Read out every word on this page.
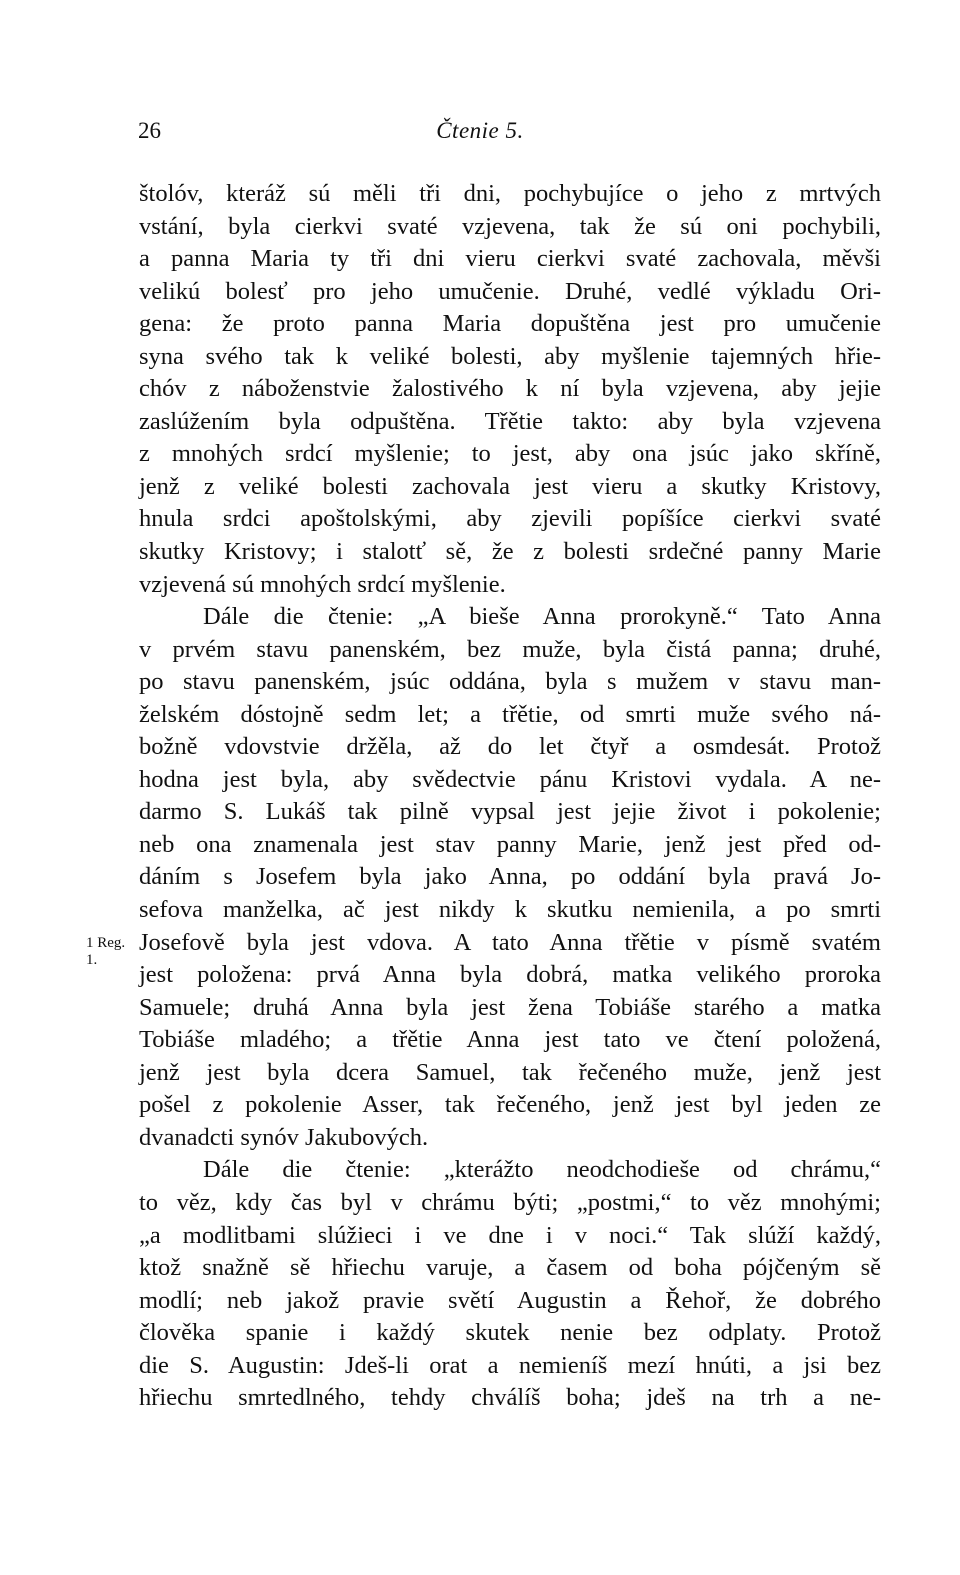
26	Čtenie 5.
1 Reg. 1.
štolóv, kteráž sú měli tři dni, pochybujíce o jeho z mrtvých
vstání, byla cierkvi svaté vzjevena, tak že sú oni pochybili,
a panna Maria ty tři dni vieru cierkvi svaté zachovala, měvši
velikú bolesť pro jeho umučenie. Druhé, vedlé výkladu Ori-
gena: že proto panna Maria dopuštěna jest pro umučenie
syna svého tak k veliké bolesti, aby myšlenie tajemných hřie-
chóv z náboženstvie žalostivého k ní byla vzjevena, aby jejie
zaslúžením byla odpuštěna. Třětie takto: aby byla vzjevena
z mnohých srdcí myšlenie; to jest, aby ona jsúc jako skříně,
jenž z veliké bolesti zachovala jest vieru a skutky Kristovy,
hnula srdci apoštolskými, aby zjevili popíšíce cierkvi svaté
skutky Kristovy; i stalotť sě, že z bolesti srdečné panny Marie
vzjevená sú mnohých srdcí myšlenie.
Dále die čtenie: „A bieše Anna prorokyně.“ Tato Anna
v prvém stavu panenském, bez muže, byla čistá panna; druhé,
po stavu panenském, jsúc oddána, byla s mužem v stavu man-
želském dóstojně sedm let; a třětie, od smrti muže svého ná-
božně vdovstvie držěla, až do let čtyř a osmdesát. Protož
hodna jest byla, aby svědectvie pánu Kristovi vydala. A ne-
darmo S. Lukáš tak pilně vypsal jest jejie život i pokolenie;
neb ona znamenala jest stav panny Marie, jenž jest před od-
dáním s Josefem byla jako Anna, po oddání byla pravá Jo-
sefova manželka, ač jest nikdy k skutku nemienila, a po smrti
Josefově byla jest vdova. A tato Anna třětie v písmě svatém
jest položena: prvá Anna byla dobrá, matka velikého proroka
Samuele; druhá Anna byla jest žena Tobiáše starého a matka
Tobiáše mladého; a třětie Anna jest tato ve čtení položená,
jenž jest byla dcera Samuel, tak řečeného muže, jenž jest
pošel z pokolenie Asser, tak řečeného, jenž jest byl jeden ze
dvanadcti synóv Jakubových.
Dále die čtenie: „kterážto neodchodieše od chrámu,“
to věz, kdy čas byl v chrámu býti; „postmi,“ to věz mnohými;
„a modlitbami slúžieci i ve dne i v noci.“ Tak slúží každý,
ktož snažně sě hřiechu varuje, a časem od boha pójčeným sě
modlí; neb jakož pravie světí Augustin a Řehoř, že dobrého
člověka spanie i každý skutek nenie bez odplaty. Protož
die S. Augustin: Jdeš-li orat a nemieníš mezí hnúti, a jsi bez
hřiechu smrtedlného, tehdy chválíš boha; jdeš na trh a ne-
